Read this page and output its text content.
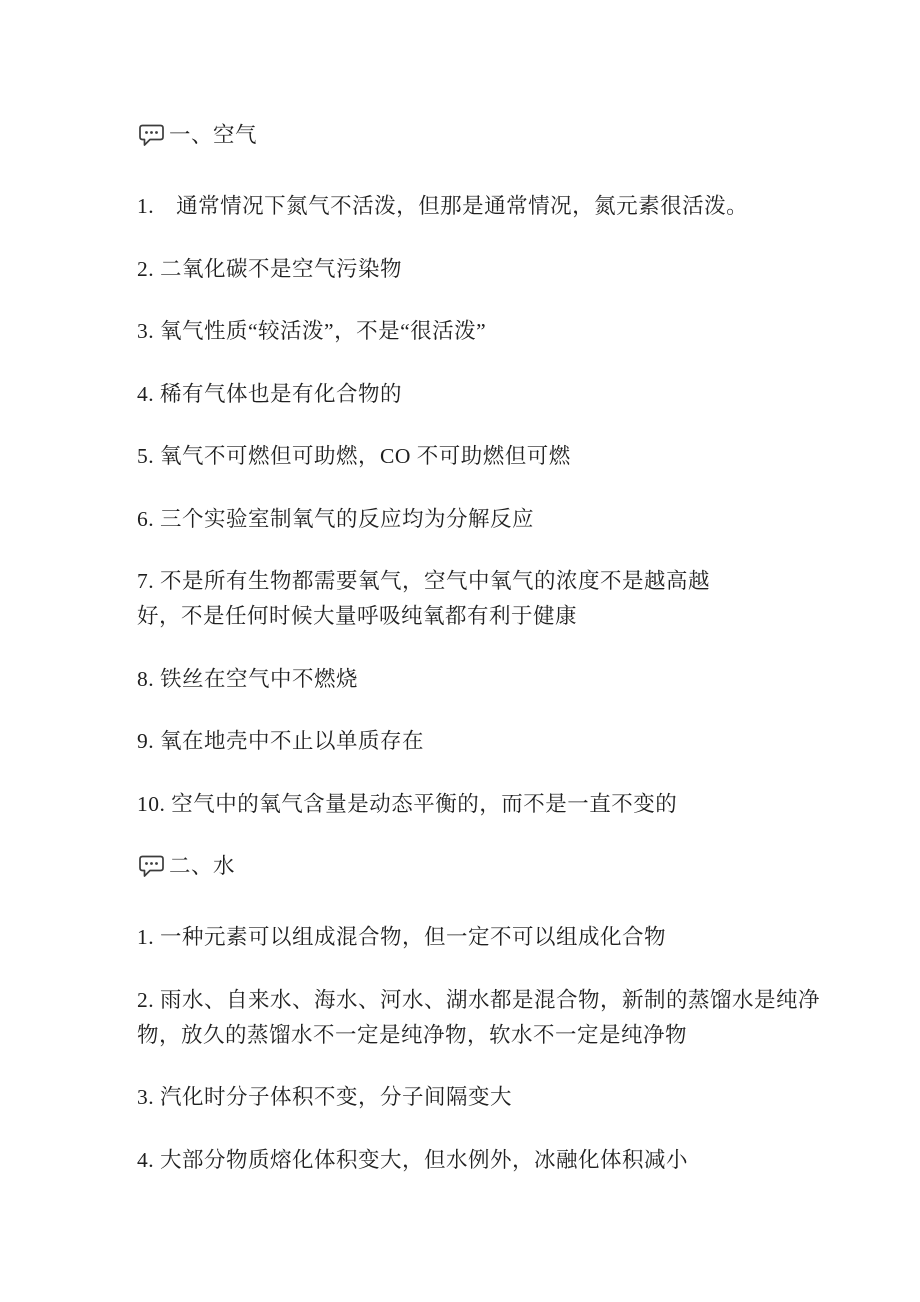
一、空气
1.　通常情况下氮气不活泼，但那是通常情况，氮元素很活泼。
2. 二氧化碳不是空气污染物
3. 氧气性质“较活泼”，不是“很活泼”
4. 稀有气体也是有化合物的
5. 氧气不可燃但可助燃，CO 不可助燃但可燃
6. 三个实验室制氧气的反应均为分解反应
7. 不是所有生物都需要氧气，空气中氧气的浓度不是越高越
好，不是任何时候大量呼吸纯氧都有利于健康
8. 铁丝在空气中不燃烧
9. 氧在地壳中不止以单质存在
10. 空气中的氧气含量是动态平衡的，而不是一直不变的
二、水
1. 一种元素可以组成混合物，但一定不可以组成化合物
2. 雨水、自来水、海水、河水、湖水都是混合物，新制的蒸馏水是纯净
物，放久的蒸馏水不一定是纯净物，软水不一定是纯净物
3. 汽化时分子体积不变，分子间隔变大
4. 大部分物质熔化体积变大，但水例外，冰融化体积减小
